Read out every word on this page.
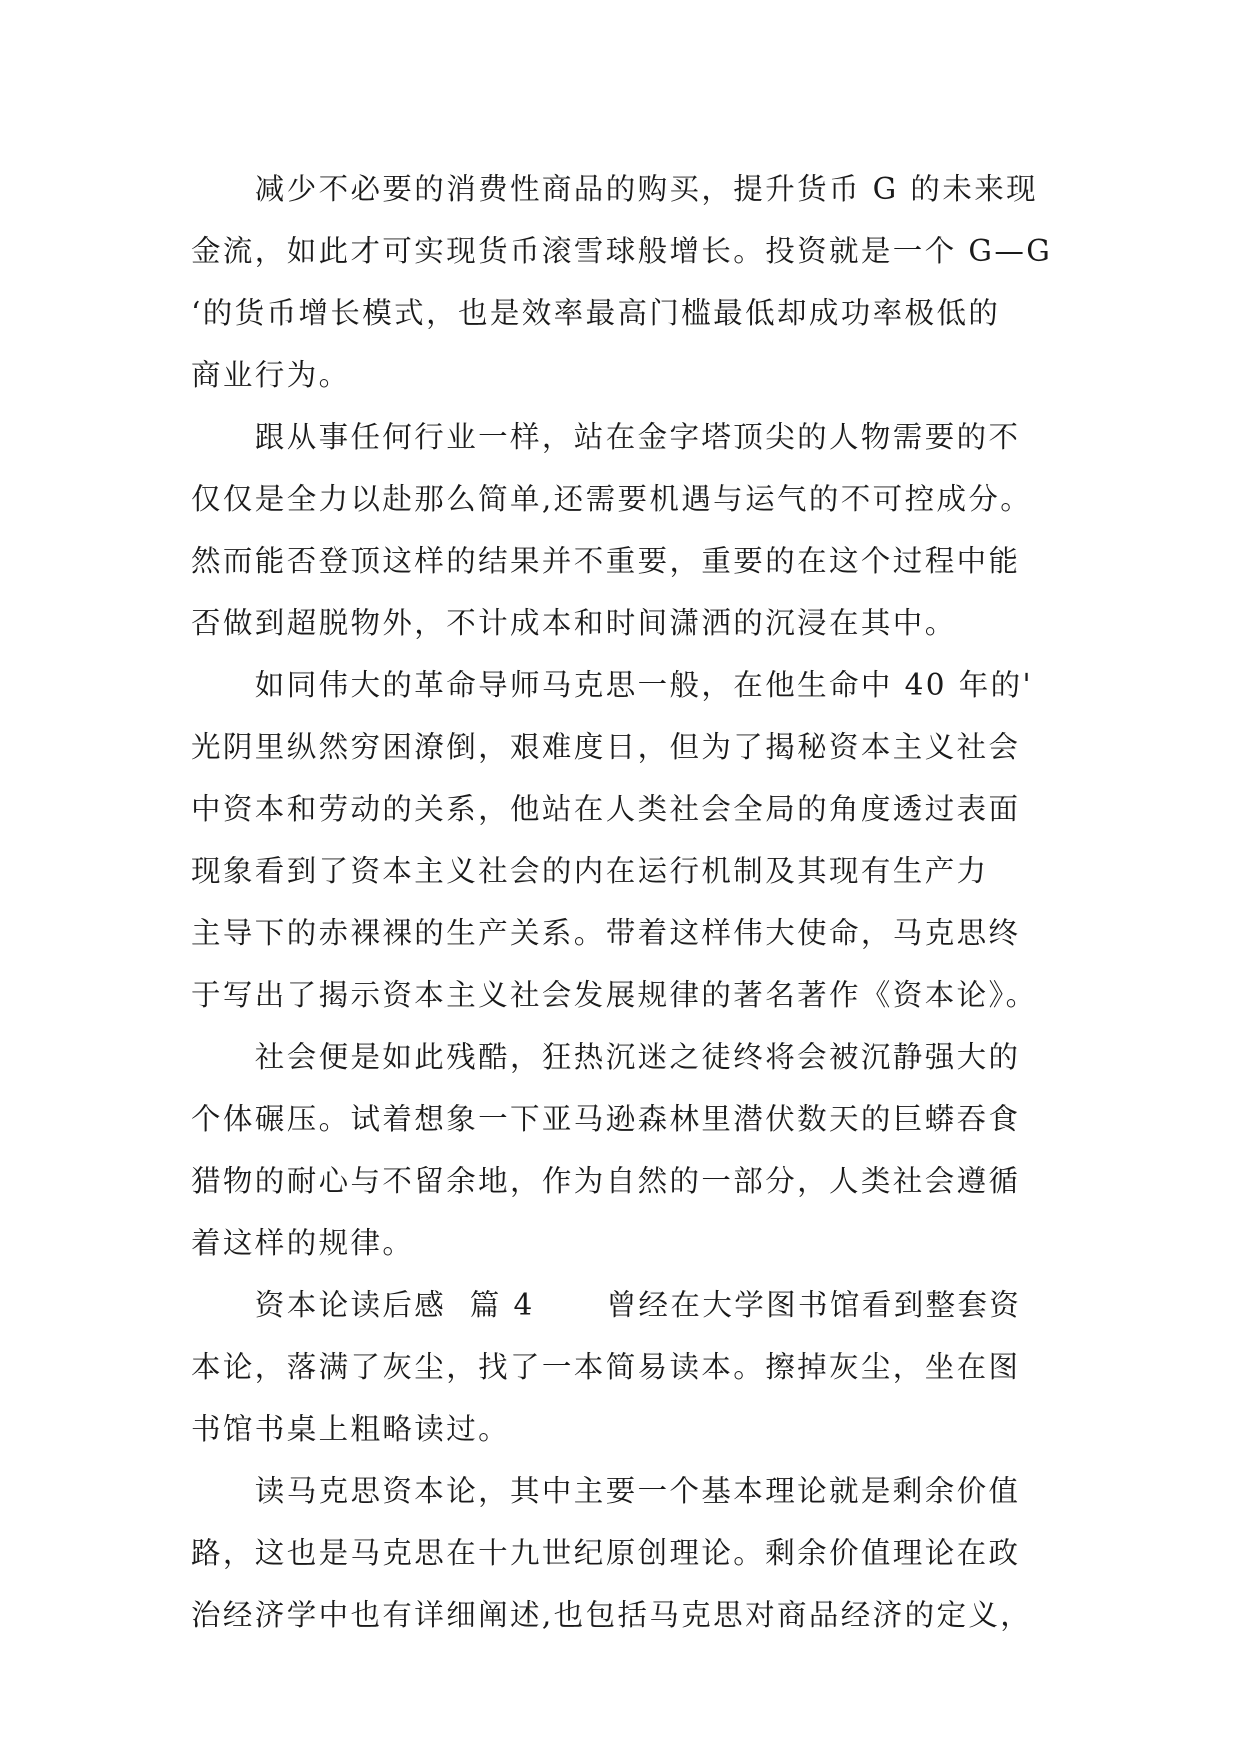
　　减少不必要的消费性商品的购买，提升货币 G 的未来现
金流，如此才可实现货币滚雪球般增长。投资就是一个 G—G
‘的货币增长模式，也是效率最高门槛最低却成功率极低的
商业行为。
　　跟从事任何行业一样，站在金字塔顶尖的人物需要的不
仅仅是全力以赴那么简单,还需要机遇与运气的不可控成分。
然而能否登顶这样的结果并不重要，重要的在这个过程中能
否做到超脱物外，不计成本和时间潇洒的沉浸在其中。
　　如同伟大的革命导师马克思一般，在他生命中 40 年的'
光阴里纵然穷困潦倒，艰难度日，但为了揭秘资本主义社会
中资本和劳动的关系，他站在人类社会全局的角度透过表面
现象看到了资本主义社会的内在运行机制及其现有生产力
主导下的赤裸裸的生产关系。带着这样伟大使命，马克思终
于写出了揭示资本主义社会发展规律的著名著作《资本论》。
　　社会便是如此残酷，狂热沉迷之徒终将会被沉静强大的
个体碾压。试着想象一下亚马逊森林里潜伏数天的巨蟒吞食
猎物的耐心与不留余地，作为自然的一部分，人类社会遵循
着这样的规律。
　　资本论读后感 篇 4 曾经在大学图书馆看到整套资
本论，落满了灰尘，找了一本简易读本。擦掉灰尘，坐在图
书馆书桌上粗略读过。
　　读马克思资本论，其中主要一个基本理论就是剩余价值
路，这也是马克思在十九世纪原创理论。剩余价值理论在政
治经济学中也有详细阐述,也包括马克思对商品经济的定义，
